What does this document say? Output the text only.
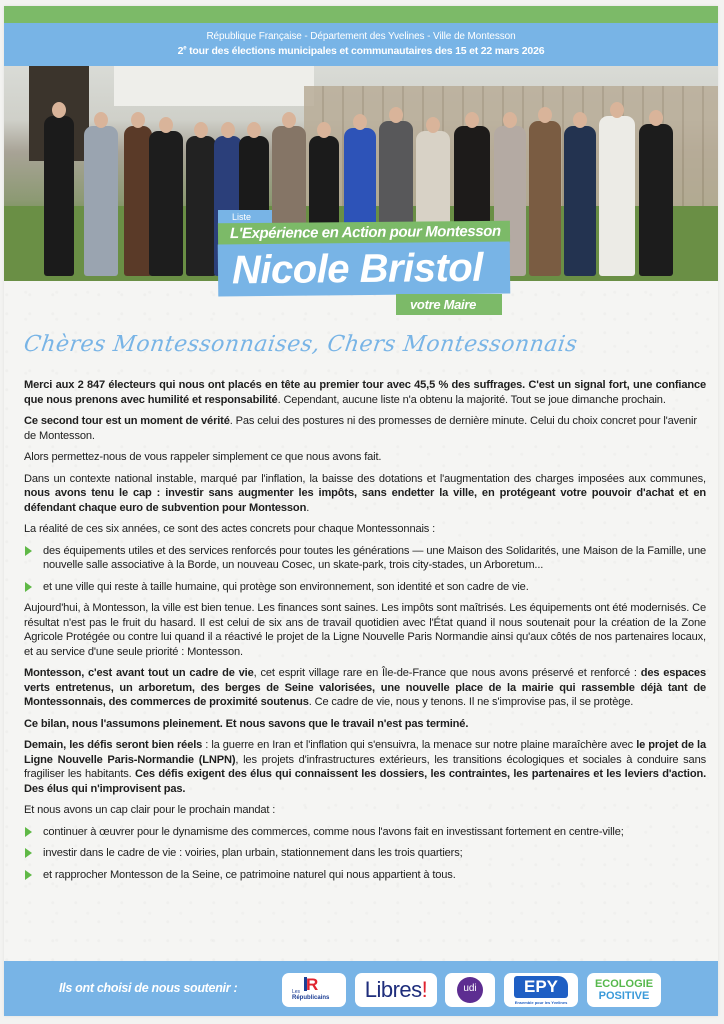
République Française - Département des Yvelines - Ville de Montesson
2e tour des élections municipales et communautaires des 15 et 22 mars 2026
Liste
L'Expérience en Action pour Montesson
Nicole Bristol
votre Maire
Chères Montessonnaises, Chers Montessonnais

Merci aux 2 847 électeurs qui nous ont placés en tête au premier tour avec 45,5 % des suffrages. C'est un signal fort, une confiance que nous prenons avec humilité et responsabilité. Cependant, aucune liste n'a obtenu la majorité. Tout se joue dimanche prochain.

Ce second tour est un moment de vérité. Pas celui des postures ni des promesses de dernière minute. Celui du choix concret pour l'avenir de Montesson.

Alors permettez-nous de vous rappeler simplement ce que nous avons fait.

Dans un contexte national instable, marqué par l'inflation, la baisse des dotations et l'augmentation des charges imposées aux communes, nous avons tenu le cap : investir sans augmenter les impôts, sans endetter la ville, en protégeant votre pouvoir d'achat et en défendant chaque euro de subvention pour Montesson.

La réalité de ces six années, ce sont des actes concrets pour chaque Montessonnais :

des équipements utiles et des services renforcés pour toutes les générations — une Maison des Solidarités, une Maison de la Famille, une nouvelle salle associative à la Borde, un nouveau Cosec, un skate-park, trois city-stades, un Arboretum...
et une ville qui reste à taille humaine, qui protège son environnement, son identité et son cadre de vie.

Aujourd'hui, à Montesson, la ville est bien tenue. Les finances sont saines. Les impôts sont maîtrisés. Les équipements ont été modernisés. Ce résultat n'est pas le fruit du hasard. Il est celui de six ans de travail quotidien avec l'État quand il nous soutenait pour la création de la Zone Agricole Protégée ou contre lui quand il a réactivé le projet de la Ligne Nouvelle Paris Normandie ainsi qu'aux côtés de nos partenaires locaux, et au service d'une seule priorité : Montesson.

Montesson, c'est avant tout un cadre de vie, cet esprit village rare en Île-de-France que nous avons préservé et renforcé : des espaces verts entretenus, un arboretum, des berges de Seine valorisées, une nouvelle place de la mairie qui rassemble déjà tant de Montessonnais, des commerces de proximité soutenus. Ce cadre de vie, nous y tenons. Il ne s'improvise pas, il se protège.

Ce bilan, nous l'assumons pleinement. Et nous savons que le travail n'est pas terminé.

Demain, les défis seront bien réels : la guerre en Iran et l'inflation qui s'ensuivra, la menace sur notre plaine maraîchère avec le projet de la Ligne Nouvelle Paris-Normandie (LNPN), les projets d'infrastructures extérieurs, les transitions écologiques et sociales à conduire sans fragiliser les habitants. Ces défis exigent des élus qui connaissent les dossiers, les contraintes, les partenaires et les leviers d'action. Des élus qui n'improvisent pas.

Et nous avons un cap clair pour le prochain mandat :

continuer à œuvrer pour le dynamisme des commerces, comme nous l'avons fait en investissant fortement en centre-ville;
investir dans le cadre de vie : voiries, plan urbain, stationnement dans les trois quartiers;
et rapprocher Montesson de la Seine, ce patrimoine naturel qui nous appartient à tous.
Ils ont choisi de nous soutenir :	R
Les
Républicains	Libres!	udi	EPY
Ensemble pour les Yvelines
ECOLOGIE
POSITIVE
